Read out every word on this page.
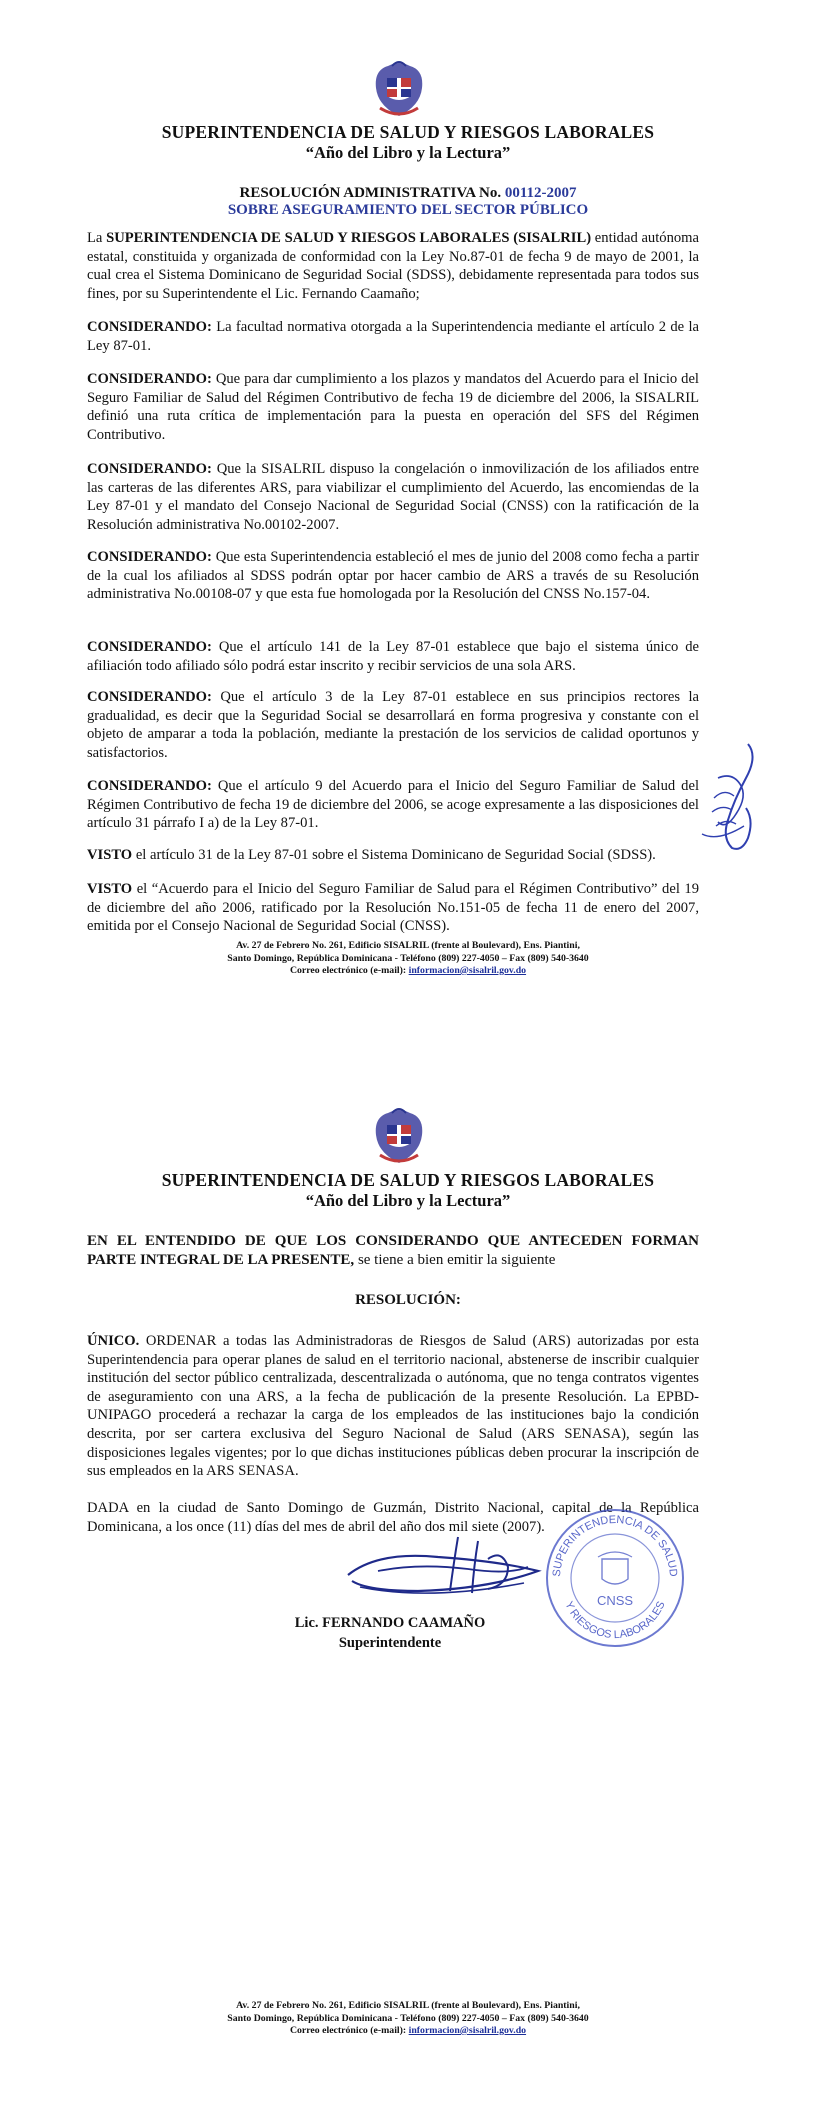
SUPERINTENDENCIA DE SALUD Y RIESGOS LABORALES
“Año del Libro y la Lectura”
RESOLUCIÓN ADMINISTRATIVA No. 00112-2007
SOBRE ASEGURAMIENTO DEL SECTOR PÚBLICO
La SUPERINTENDENCIA DE SALUD Y RIESGOS LABORALES (SISALRIL) entidad autónoma estatal, constituida y organizada de conformidad con la Ley No.87-01 de fecha 9 de mayo de 2001, la cual crea el Sistema Dominicano de Seguridad Social (SDSS), debidamente representada para todos sus fines, por su Superintendente el Lic. Fernando Caamaño;
CONSIDERANDO: La facultad normativa otorgada a la Superintendencia mediante el artículo 2 de la Ley 87-01.
CONSIDERANDO: Que para dar cumplimiento a los plazos y mandatos del Acuerdo para el Inicio del Seguro Familiar de Salud del Régimen Contributivo de fecha 19 de diciembre del 2006, la SISALRIL definió una ruta crítica de implementación para la puesta en operación del SFS del Régimen Contributivo.
CONSIDERANDO: Que la SISALRIL dispuso la congelación o inmovilización de los afiliados entre las carteras de las diferentes ARS, para viabilizar el cumplimiento del Acuerdo, las encomiendas de la Ley 87-01 y el mandato del Consejo Nacional de Seguridad Social (CNSS) con la ratificación de la Resolución administrativa No.00102-2007.
CONSIDERANDO: Que esta Superintendencia estableció el mes de junio del 2008 como fecha a partir de la cual los afiliados al SDSS podrán optar por hacer cambio de ARS a través de su Resolución administrativa No.00108-07 y que esta fue homologada por la Resolución del CNSS No.157-04.
CONSIDERANDO: Que el artículo 141 de la Ley 87-01 establece que bajo el sistema único de afiliación todo afiliado sólo podrá estar inscrito y recibir servicios de una sola ARS.
CONSIDERANDO: Que el artículo 3 de la Ley 87-01 establece en sus principios rectores la gradualidad, es decir que la Seguridad Social se desarrollará en forma progresiva y constante con el objeto de amparar a toda la población, mediante la prestación de los servicios de calidad oportunos y satisfactorios.
CONSIDERANDO: Que el artículo 9 del Acuerdo para el Inicio del Seguro Familiar de Salud del Régimen Contributivo de fecha 19 de diciembre del 2006, se acoge expresamente a las disposiciones del artículo 31 párrafo I a) de la Ley 87-01.
VISTO el artículo 31 de la Ley 87-01 sobre el Sistema Dominicano de Seguridad Social (SDSS).
VISTO el “Acuerdo para el Inicio del Seguro Familiar de Salud para el Régimen Contributivo” del 19 de diciembre del año 2006, ratificado por la Resolución No.151-05 de fecha 11 de enero del 2007, emitida por el Consejo Nacional de Seguridad Social (CNSS).
Av. 27 de Febrero No. 261, Edificio SISALRIL (frente al Boulevard), Ens. Piantini,
Santo Domingo, República Dominicana - Teléfono (809) 227-4050 – Fax (809) 540-3640
Correo electrónico (e-mail): informacion@sisalril.gov.do
SUPERINTENDENCIA DE SALUD Y RIESGOS LABORALES
“Año del Libro y la Lectura”
EN EL ENTENDIDO DE QUE LOS CONSIDERANDO QUE ANTECEDEN FORMAN PARTE INTEGRAL DE LA PRESENTE, se tiene a bien emitir la siguiente
RESOLUCIÓN:
ÚNICO. ORDENAR a todas las Administradoras de Riesgos de Salud (ARS) autorizadas por esta Superintendencia para operar planes de salud en el territorio nacional, abstenerse de inscribir cualquier institución del sector público centralizada, descentralizada o autónoma, que no tenga contratos vigentes de aseguramiento con una ARS, a la fecha de publicación de la presente Resolución. La EPBD-UNIPAGO procederá a rechazar la carga de los empleados de las instituciones bajo la condición descrita, por ser cartera exclusiva del Seguro Nacional de Salud (ARS SENASA), según las disposiciones legales vigentes; por lo que dichas instituciones públicas deben procurar la inscripción de sus empleados en la ARS SENASA.
DADA en la ciudad de Santo Domingo de Guzmán, Distrito Nacional, capital de la República Dominicana, a los once (11) días del mes de abril del año dos mil siete (2007).
Lic. FERNANDO CAAMAÑO
Superintendente
SUPERINTENDENCIA DE SALUD
Y RIESGOS LABORALES
CNSS
Av. 27 de Febrero No. 261, Edificio SISALRIL (frente al Boulevard), Ens. Piantini,
Santo Domingo, República Dominicana - Teléfono (809) 227-4050 – Fax (809) 540-3640
Correo electrónico (e-mail): informacion@sisalril.gov.do
